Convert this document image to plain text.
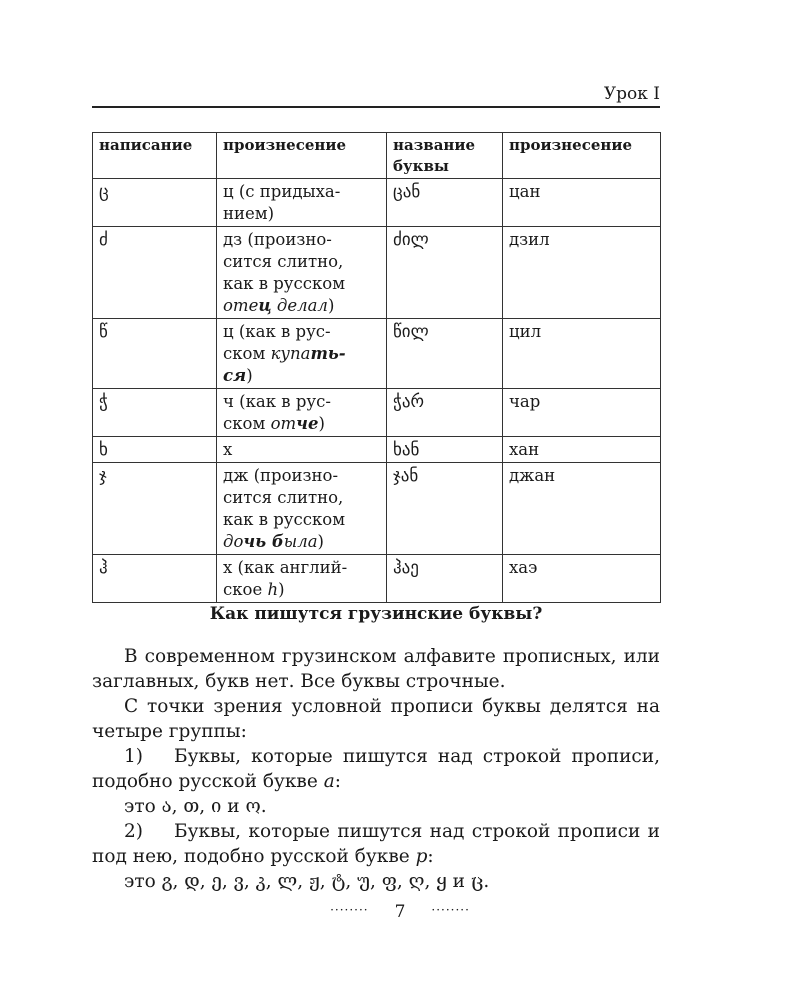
Урок I
написание	произнесение	название буквы	произнесение
ც	ц (с придыха-
нием)	ცან	цан
ძ	дз (произно-
сится слитно,
как в русском
отец делал)	ძილ	дзил
წ	ц (как в рус-
ском купать-
ся)	წილ	цил
ჭ	ч (как в рус-
ском отче)	ჭარ	чар
ხ	х	ხან	хан
ჯ	дж (произно-
сится слитно,
как в русском
дочь была)	ჯან	джан
ჰ	х (как англий-
ское h)	ჰაე	хаэ
Как пишутся грузинские буквы?

В современном грузинском алфавите прописных, или заглавных, букв нет. Все буквы строчные.

С точки зрения условной прописи буквы делятся на четыре группы:

1) Буквы, которые пишутся над строкой прописи, подобно русской букве а:

это ა, თ, ი и ო.

2) Буквы, которые пишутся над строкой прописи и под нею, подобно русской букве р:

это გ, დ, ე, ვ, კ, ლ, ჟ, ტ, უ, ფ, ღ, ყ и ც.

········ 7 ········
